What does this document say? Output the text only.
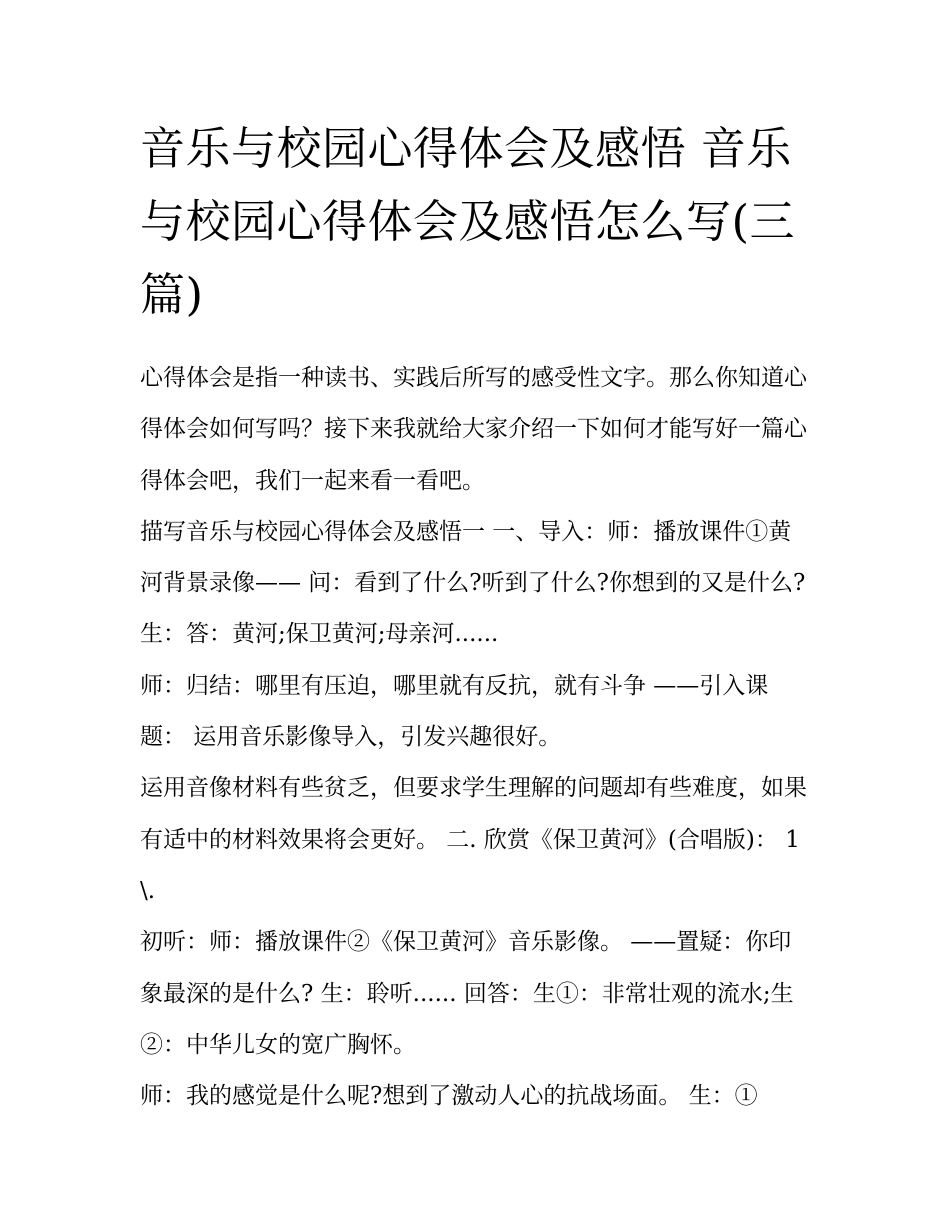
音乐与校园心得体会及感悟 音乐与校园心得体会及感悟怎么写(三篇)

心得体会是指一种读书、实践后所写的感受性文字。那么你知道心得体会如何写吗？接下来我就给大家介绍一下如何才能写好一篇心得体会吧，我们一起来看一看吧。

描写音乐与校园心得体会及感悟一 一、导入：师：播放课件①黄河背景录像—— 问：看到了什么?听到了什么?你想到的又是什么? 生：答：黄河;保卫黄河;母亲河......

师：归结：哪里有压迫，哪里就有反抗，就有斗争 ——引入课题： 运用音乐影像导入，引发兴趣很好。

运用音像材料有些贫乏，但要求学生理解的问题却有些难度，如果有适中的材料效果将会更好。 二. 欣赏《保卫黄河》(合唱版)： 1\.

初听：师：播放课件②《保卫黄河》音乐影像。 ——置疑：你印象最深的是什么? 生：聆听...... 回答：生①：非常壮观的流水;生②：中华儿女的宽广胸怀。

师：我的感觉是什么呢?想到了激动人心的抗战场面。 生：①
